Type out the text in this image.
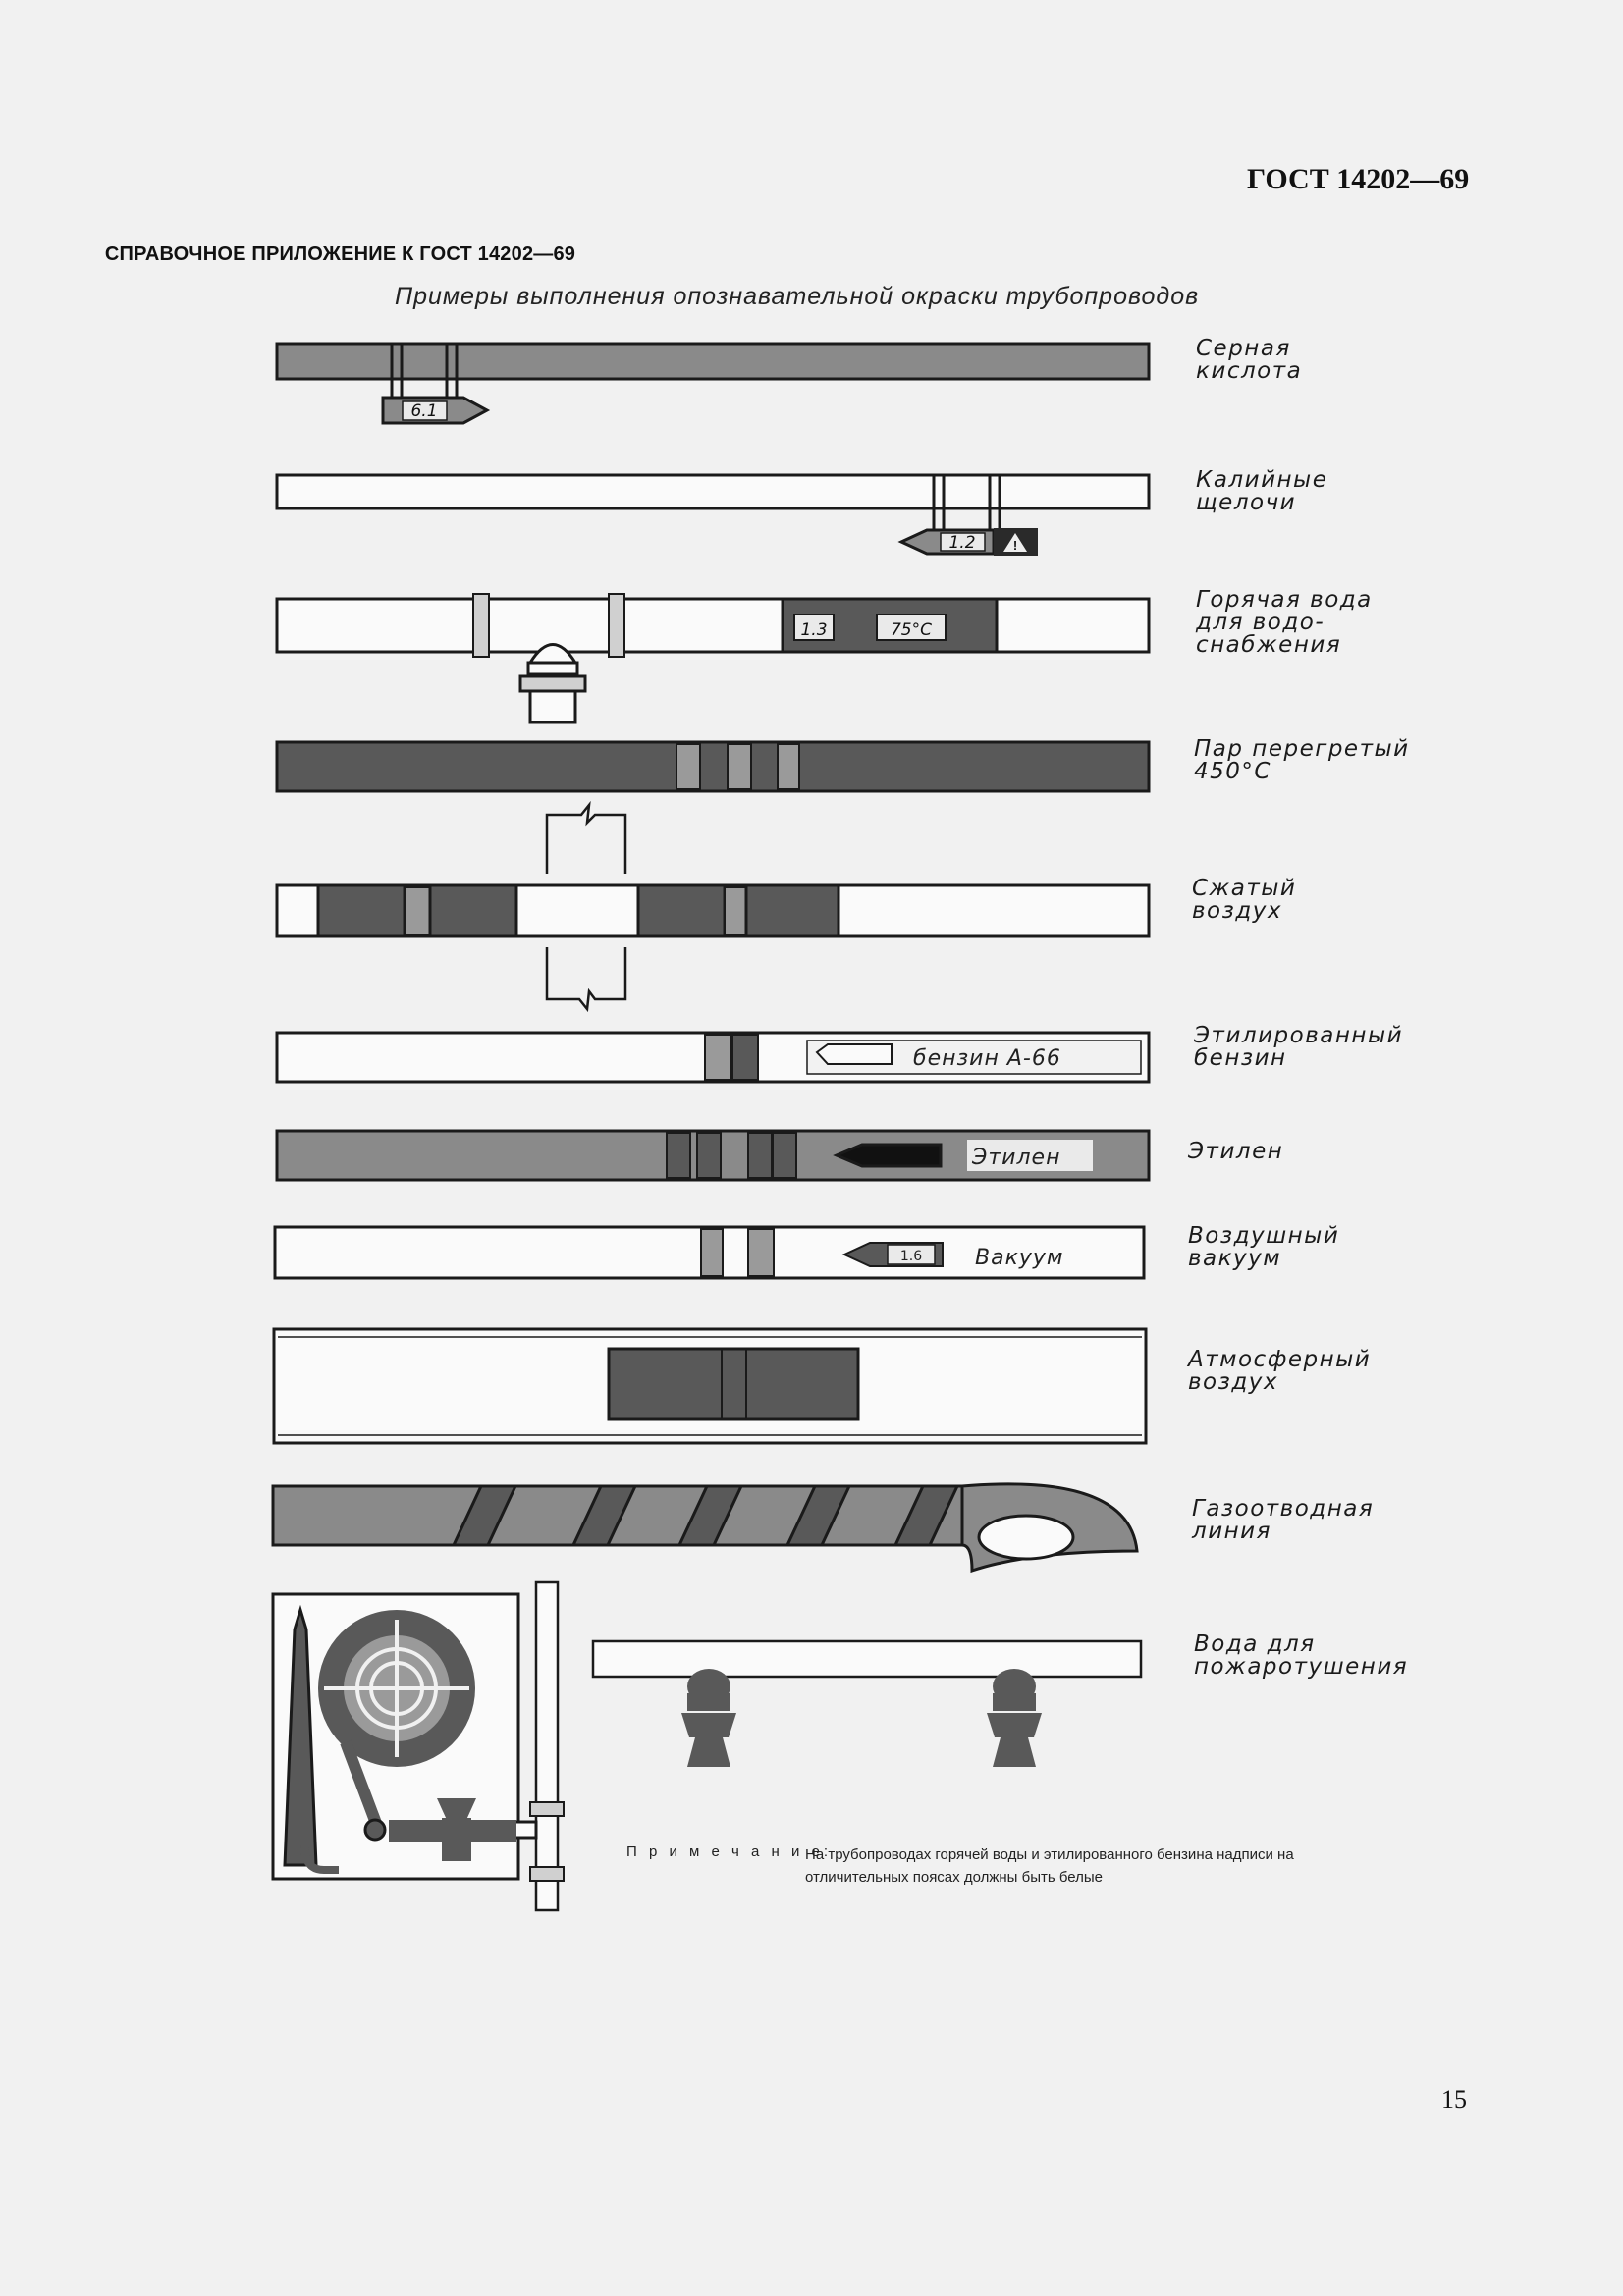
ГОСТ 14202—69
СПРАВОЧНОЕ ПРИЛОЖЕНИЕ К ГОСТ 14202—69
Примеры выполнения опознавательной окраски трубопроводов
6.1
1.2	!
бензин А-66
Этилен
1.6 Вакуум
1.3	75°С
Серная
кислота
Калийные
щелочи
Горячая вода
для водо-
снабжения
Пар перегретый
450°С
Сжатый
воздух
Этилированный
бензин
Этилен
Воздушный
вакуум
Атмосферный
воздух
Газоотводная
линия
Вода для
пожаротушения
П р и м е ч а н и е:
На трубопроводах горячей воды и этилированного бензина надписи на отличительных поясах должны быть белые
15
